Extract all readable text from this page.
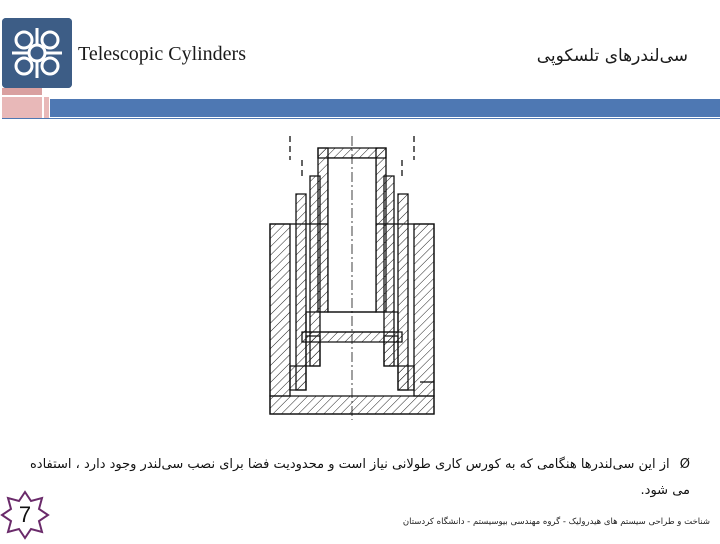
Telescopic Cylinders	سی‌لندرهای تلسکوپی
Ø از این سی‌لندرها هنگامی که به کورس کاری طولانی نیاز است و محدودیت فضا برای نصب سی‌لندر وجود دارد ، استفاده می شود.
شناخت و طراحی سیستم های هیدرولیک - گروه مهندسی بیوسیستم - دانشگاه کردستان
7
